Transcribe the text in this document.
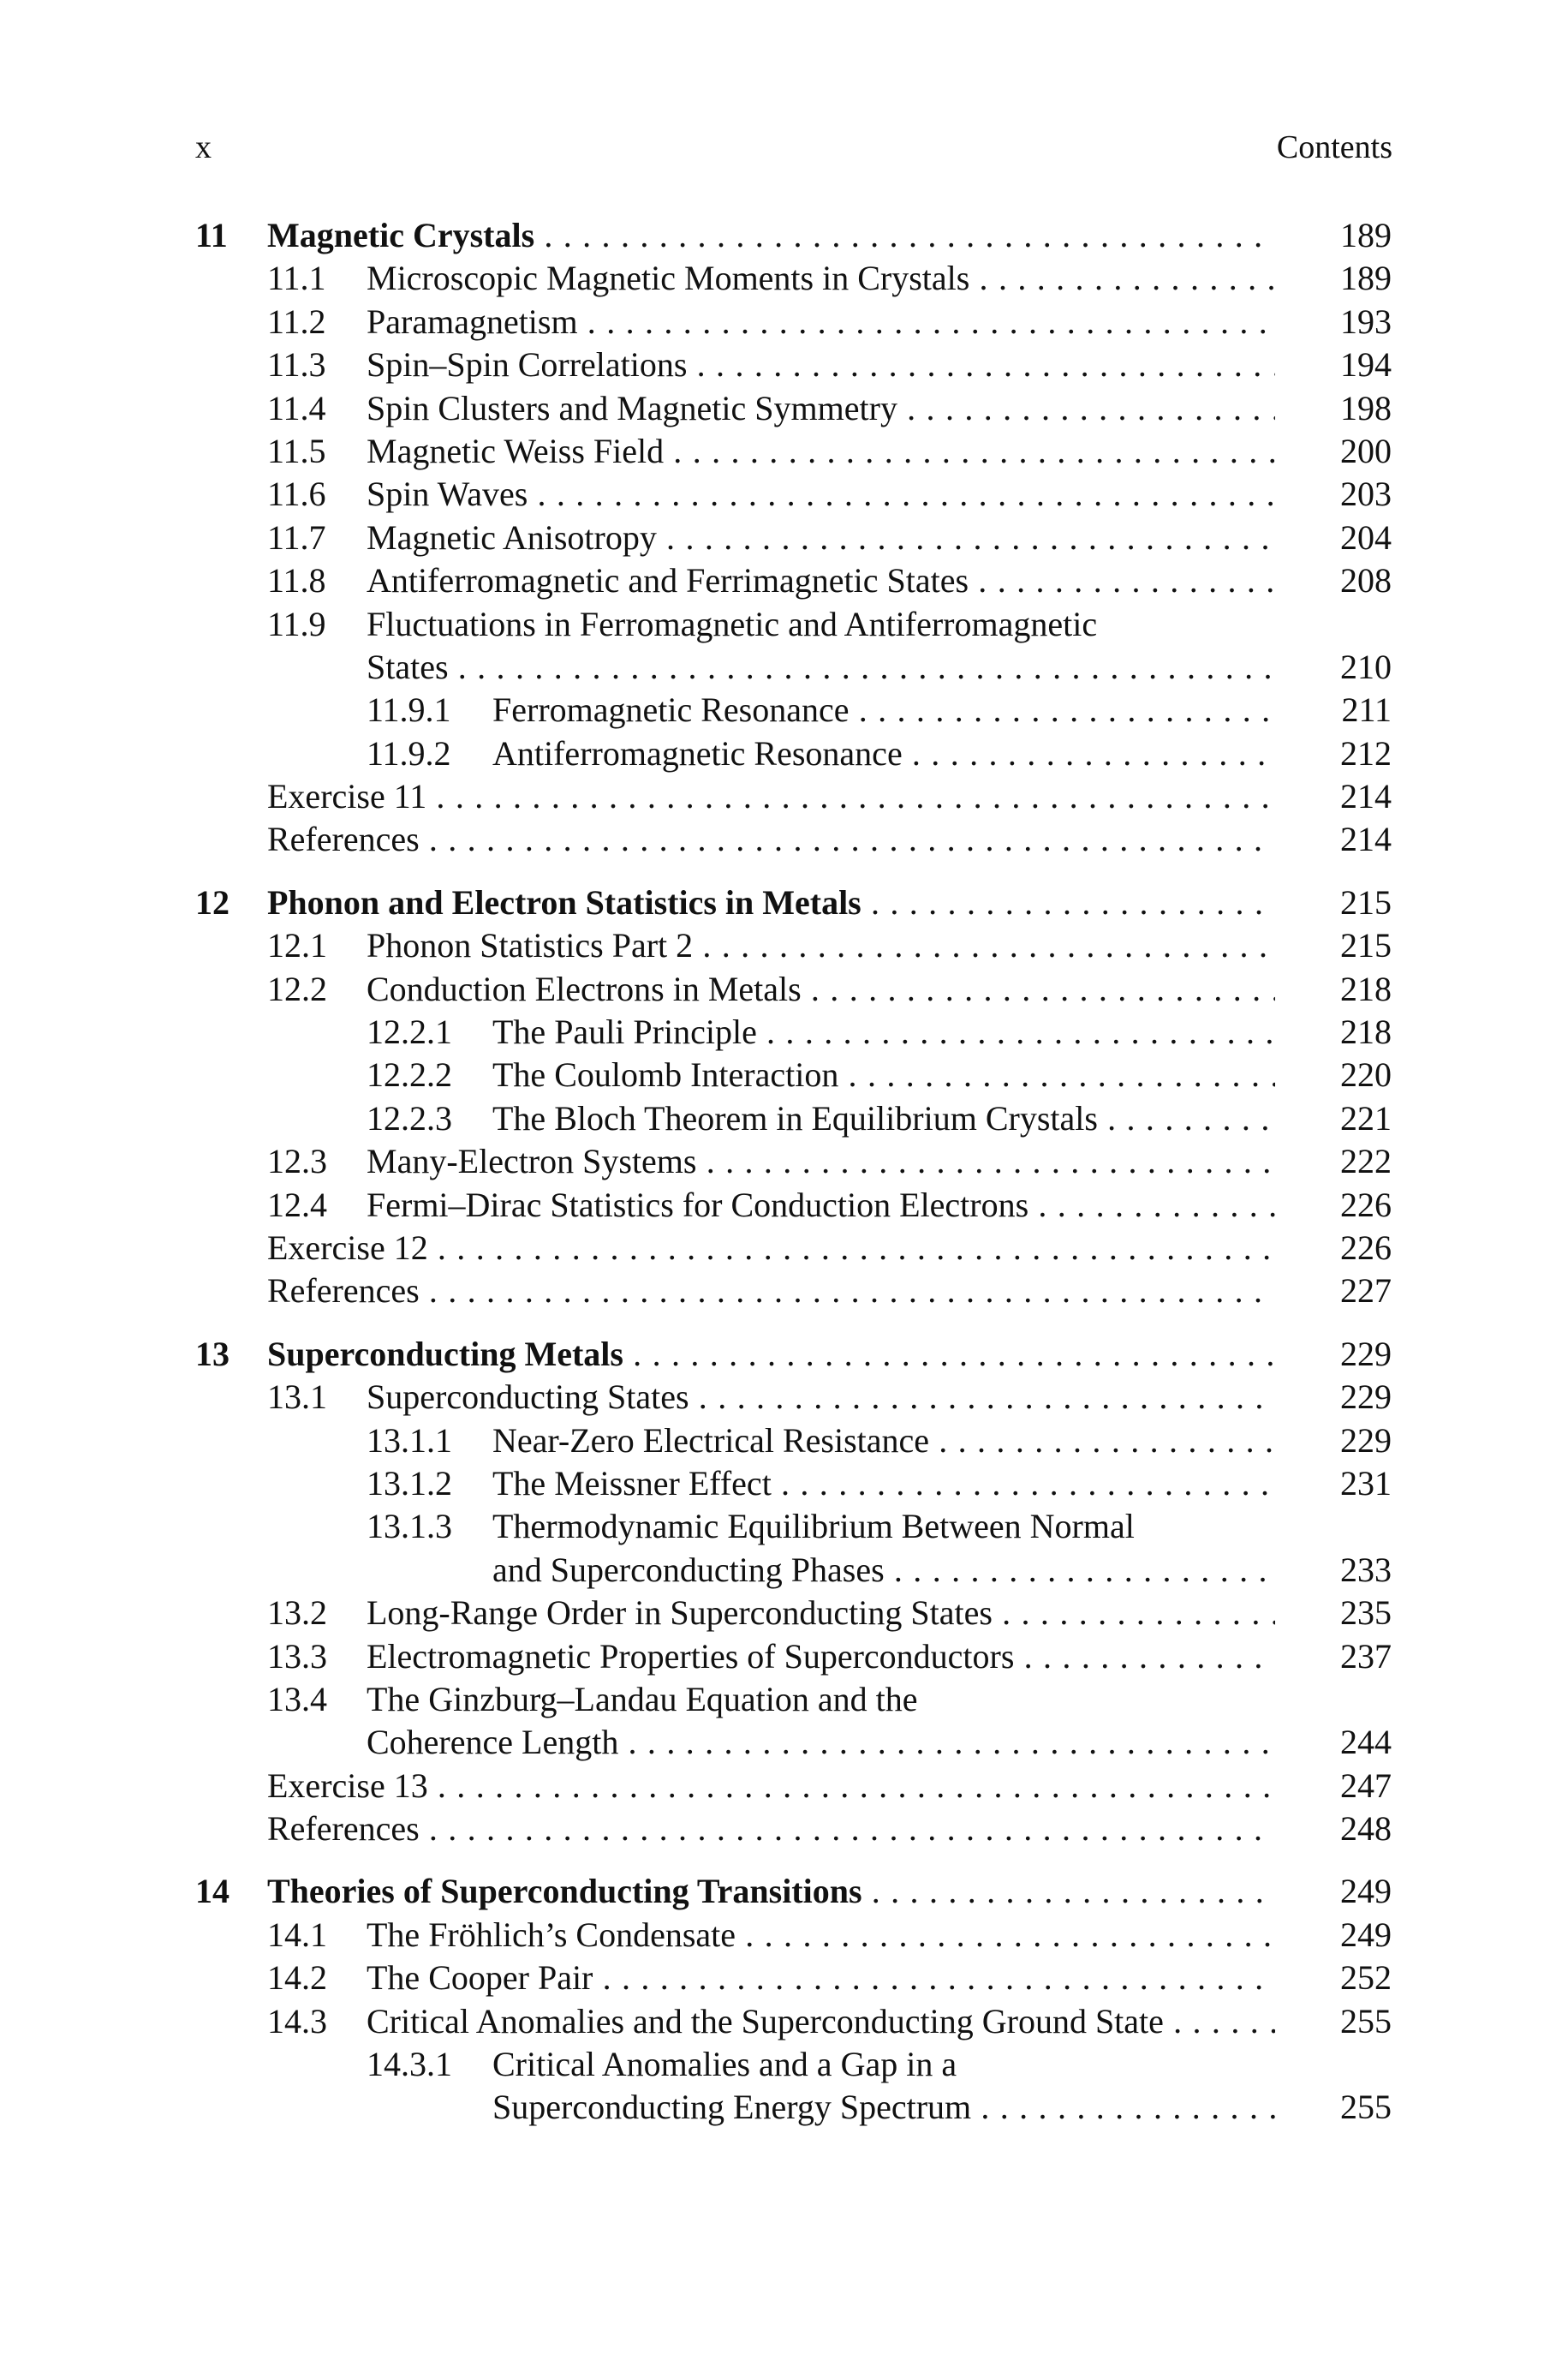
x	Contents
11 Magnetic Crystals . . .	189
11.1 Microscopic Magnetic Moments in Crystals . . .	189
11.2 Paramagnetism . . .	193
11.3 Spin–Spin Correlations . . .	194
11.4 Spin Clusters and Magnetic Symmetry . . .	198
11.5 Magnetic Weiss Field . . .	200
11.6 Spin Waves . . .	203
11.7 Magnetic Anisotropy . . .	204
11.8 Antiferromagnetic and Ferrimagnetic States . . .	208
11.9 Fluctuations in Ferromagnetic and Antiferromagnetic
States . . .	210
11.9.1 Ferromagnetic Resonance . . .	211
11.9.2 Antiferromagnetic Resonance . . .	212
Exercise 11 . . .	214
References . . .	214
12 Phonon and Electron Statistics in Metals . . .	215
12.1 Phonon Statistics Part 2 . . .	215
12.2 Conduction Electrons in Metals . . .	218
12.2.1 The Pauli Principle . . .	218
12.2.2 The Coulomb Interaction . . .	220
12.2.3 The Bloch Theorem in Equilibrium Crystals . . .	221
12.3 Many-Electron Systems . . .	222
12.4 Fermi–Dirac Statistics for Conduction Electrons . . .	226
Exercise 12 . . .	226
References . . .	227
13 Superconducting Metals . . .	229
13.1 Superconducting States . . .	229
13.1.1 Near-Zero Electrical Resistance . . .	229
13.1.2 The Meissner Effect . . .	231
13.1.3 Thermodynamic Equilibrium Between Normal
and Superconducting Phases . . .	233
13.2 Long-Range Order in Superconducting States . . .	235
13.3 Electromagnetic Properties of Superconductors . . .	237
13.4 The Ginzburg–Landau Equation and the
Coherence Length . . .	244
Exercise 13 . . .	247
References . . .	248
14 Theories of Superconducting Transitions . . .	249
14.1 The Fröhlich’s Condensate . . .	249
14.2 The Cooper Pair . . .	252
14.3 Critical Anomalies and the Superconducting Ground State . . .	255
14.3.1 Critical Anomalies and a Gap in a
Superconducting Energy Spectrum . . .	255
